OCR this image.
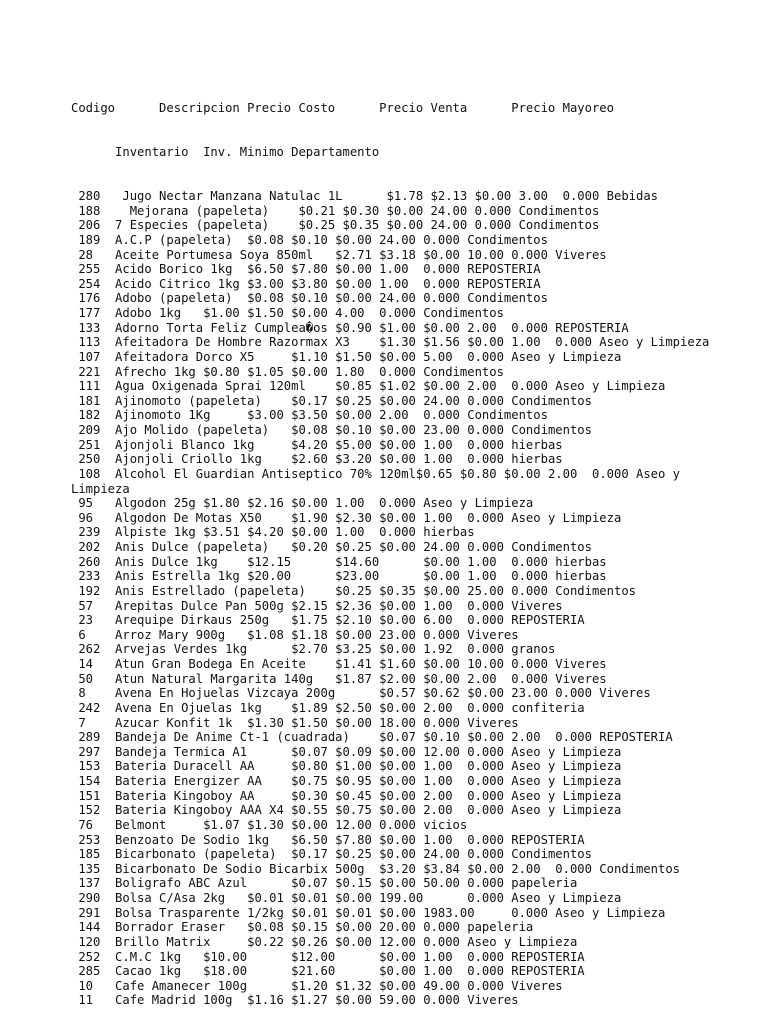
Codigo      Descripcion Precio Costo      Precio Venta      Precio Mayoreo

Inventario  Inv. Minimo Departamento

280   Jugo Nectar Manzana Natulac 1L      $1.78 $2.13 $0.00 3.00  0.000 Bebidas
188    Mejorana (papeleta)    $0.21 $0.30 $0.00 24.00 0.000 Condimentos
206  7 Especies (papeleta)    $0.25 $0.35 $0.00 24.00 0.000 Condimentos
189  A.C.P (papeleta)  $0.08 $0.10 $0.00 24.00 0.000 Condimentos
28   Aceite Portumesa Soya 850ml   $2.71 $3.18 $0.00 10.00 0.000 Viveres
255  Acido Borico 1kg  $6.50 $7.80 $0.00 1.00  0.000 REPOSTERIA
254  Acido Citrico 1kg $3.00 $3.80 $0.00 1.00  0.000 REPOSTERIA
176  Adobo (papeleta)  $0.08 $0.10 $0.00 24.00 0.000 Condimentos
177  Adobo 1kg   $1.00 $1.50 $0.00 4.00  0.000 Condimentos
133  Adorno Torta Feliz Cumplea�os $0.90 $1.00 $0.00 2.00  0.000 REPOSTERIA
113  Afeitadora De Hombre Razormax X3    $1.30 $1.56 $0.00 1.00  0.000 Aseo y Limpieza
107  Afeitadora Dorco X5     $1.10 $1.50 $0.00 5.00  0.000 Aseo y Limpieza
221  Afrecho 1kg $0.80 $1.05 $0.00 1.80  0.000 Condimentos
111  Agua Oxigenada Sprai 120ml    $0.85 $1.02 $0.00 2.00  0.000 Aseo y Limpieza
181  Ajinomoto (papeleta)    $0.17 $0.25 $0.00 24.00 0.000 Condimentos
182  Ajinomoto 1Kg     $3.00 $3.50 $0.00 2.00  0.000 Condimentos
209  Ajo Molido (papeleta)   $0.08 $0.10 $0.00 23.00 0.000 Condimentos
251  Ajonjoli Blanco 1kg     $4.20 $5.00 $0.00 1.00  0.000 hierbas
250  Ajonjoli Criollo 1kg    $2.60 $3.20 $0.00 1.00  0.000 hierbas
108  Alcohol El Guardian Antiseptico 70% 120ml$0.65 $0.80 $0.00 2.00  0.000 Aseo y Limpieza
95   Algodon 25g $1.80 $2.16 $0.00 1.00  0.000 Aseo y Limpieza
96   Algodon De Motas X50    $1.90 $2.30 $0.00 1.00  0.000 Aseo y Limpieza
239  Alpiste 1kg $3.51 $4.20 $0.00 1.00  0.000 hierbas
202  Anis Dulce (papeleta)   $0.20 $0.25 $0.00 24.00 0.000 Condimentos
260  Anis Dulce 1kg    $12.15      $14.60      $0.00 1.00  0.000 hierbas
233  Anis Estrella 1kg $20.00      $23.00      $0.00 1.00  0.000 hierbas
192  Anis Estrellado (papeleta)    $0.25 $0.35 $0.00 25.00 0.000 Condimentos
57   Arepitas Dulce Pan 500g $2.15 $2.36 $0.00 1.00  0.000 Viveres
23   Arequipe Dirkaus 250g   $1.75 $2.10 $0.00 6.00  0.000 REPOSTERIA
6    Arroz Mary 900g   $1.08 $1.18 $0.00 23.00 0.000 Viveres
262  Arvejas Verdes 1kg      $2.70 $3.25 $0.00 1.92  0.000 granos
14   Atun Gran Bodega En Aceite    $1.41 $1.60 $0.00 10.00 0.000 Viveres
50   Atun Natural Margarita 140g   $1.87 $2.00 $0.00 2.00  0.000 Viveres
8    Avena En Hojuelas Vizcaya 200g      $0.57 $0.62 $0.00 23.00 0.000 Viveres
242  Avena En Ojuelas 1kg    $1.89 $2.50 $0.00 2.00  0.000 confiteria
7    Azucar Konfit 1k  $1.30 $1.50 $0.00 18.00 0.000 Viveres
289  Bandeja De Anime Ct-1 (cuadrada)    $0.07 $0.10 $0.00 2.00  0.000 REPOSTERIA
297  Bandeja Termica A1      $0.07 $0.09 $0.00 12.00 0.000 Aseo y Limpieza
153  Bateria Duracell AA     $0.80 $1.00 $0.00 1.00  0.000 Aseo y Limpieza
154  Bateria Energizer AA    $0.75 $0.95 $0.00 1.00  0.000 Aseo y Limpieza
151  Bateria Kingoboy AA     $0.30 $0.45 $0.00 2.00  0.000 Aseo y Limpieza
152  Bateria Kingoboy AAA X4 $0.55 $0.75 $0.00 2.00  0.000 Aseo y Limpieza
76   Belmont     $1.07 $1.30 $0.00 12.00 0.000 vicios
253  Benzoato De Sodio 1kg   $6.50 $7.80 $0.00 1.00  0.000 REPOSTERIA
185  Bicarbonato (papeleta)  $0.17 $0.25 $0.00 24.00 0.000 Condimentos
135  Bicarbonato De Sodio Bicarbix 500g  $3.20 $3.84 $0.00 2.00  0.000 Condimentos
137  Boligrafo ABC Azul      $0.07 $0.15 $0.00 50.00 0.000 papeleria
290  Bolsa C/Asa 2kg   $0.01 $0.01 $0.00 199.00      0.000 Aseo y Limpieza
291  Bolsa Trasparente 1/2kg $0.01 $0.01 $0.00 1983.00     0.000 Aseo y Limpieza
144  Borrador Eraser   $0.08 $0.15 $0.00 20.00 0.000 papeleria
120  Brillo Matrix     $0.22 $0.26 $0.00 12.00 0.000 Aseo y Limpieza
252  C.M.C 1kg   $10.00      $12.00      $0.00 1.00  0.000 REPOSTERIA
285  Cacao 1kg   $18.00      $21.60      $0.00 1.00  0.000 REPOSTERIA
10   Cafe Amanecer 100g      $1.20 $1.32 $0.00 49.00 0.000 Viveres
11   Cafe Madrid 100g  $1.16 $1.27 $0.00 59.00 0.000 Viveres
